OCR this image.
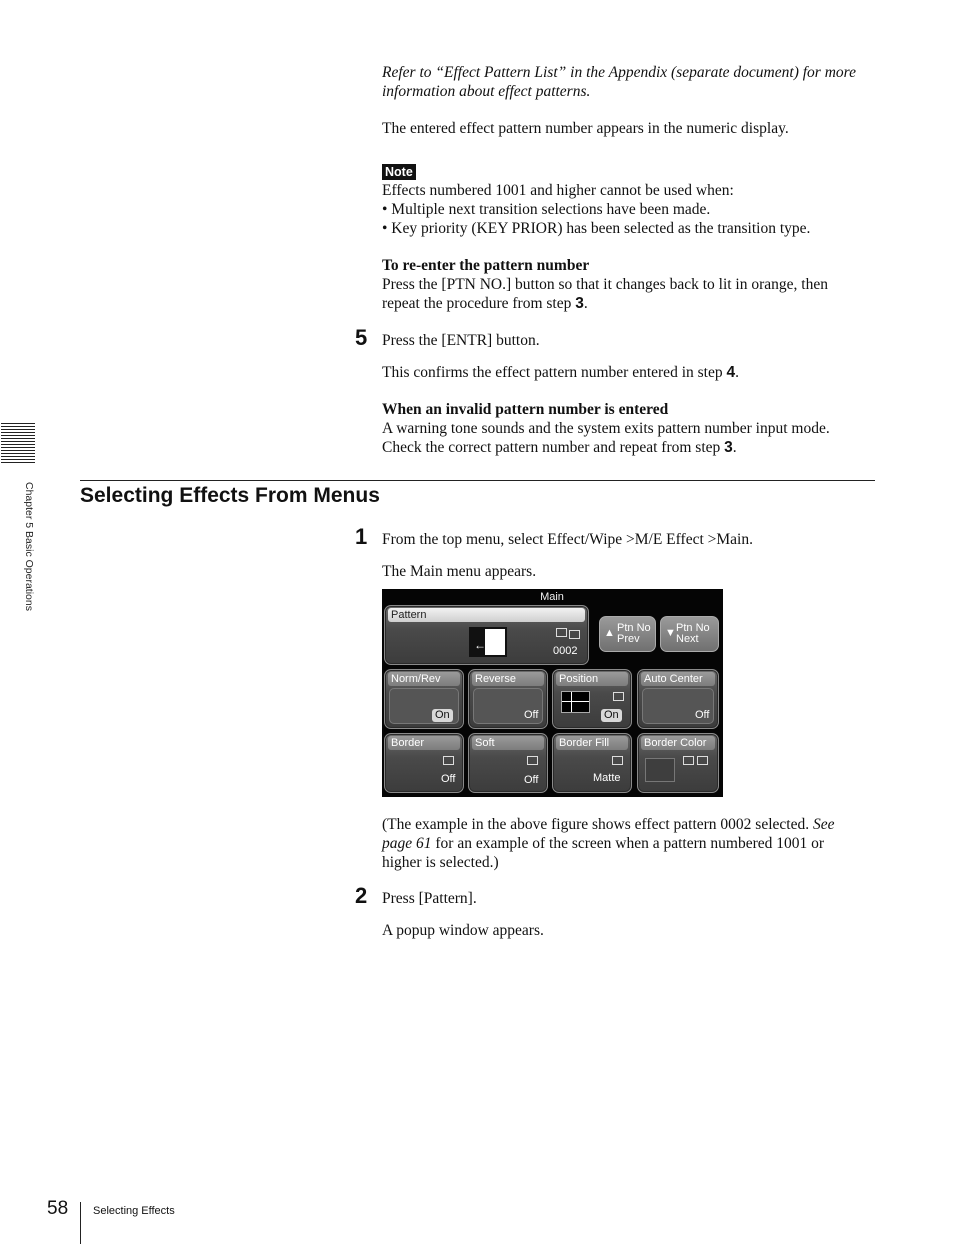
Refer to “Effect Pattern List” in the Appendix (separate document) for more
information about effect patterns.
The entered effect pattern number appears in the numeric display.
Note
Effects numbered 1001 and higher cannot be used when:
• Multiple next transition selections have been made.
• Key priority (KEY PRIOR) has been selected as the transition type.
To re-enter the pattern number
Press the [PTN NO.] button so that it changes back to lit in orange, then
repeat the procedure from step 3.
5 Press the [ENTR] button.
This confirms the effect pattern number entered in step 4.
When an invalid pattern number is entered
A warning tone sounds and the system exits pattern number input mode.
Check the correct pattern number and repeat from step 3.
Chapter 5 Basic Operations Selecting Effects From Menus
1 From the top menu, select Effect/Wipe >M/E Effect >Main.
The Main menu appears.
Main
Pattern
←	0002
▲ Ptn No
Prev ▼ Ptn No
Next
Norm/Rev
On
Reverse
Off
Position
On
Auto Center
Off
Border
Off
Soft
Off
Border Fill
Matte
Border Color
(The example in the above figure shows effect pattern 0002 selected. See
page 61 for an example of the screen when a pattern numbered 1001 or
higher is selected.)
2 Press [Pattern].
A popup window appears.
58 Selecting Effects
